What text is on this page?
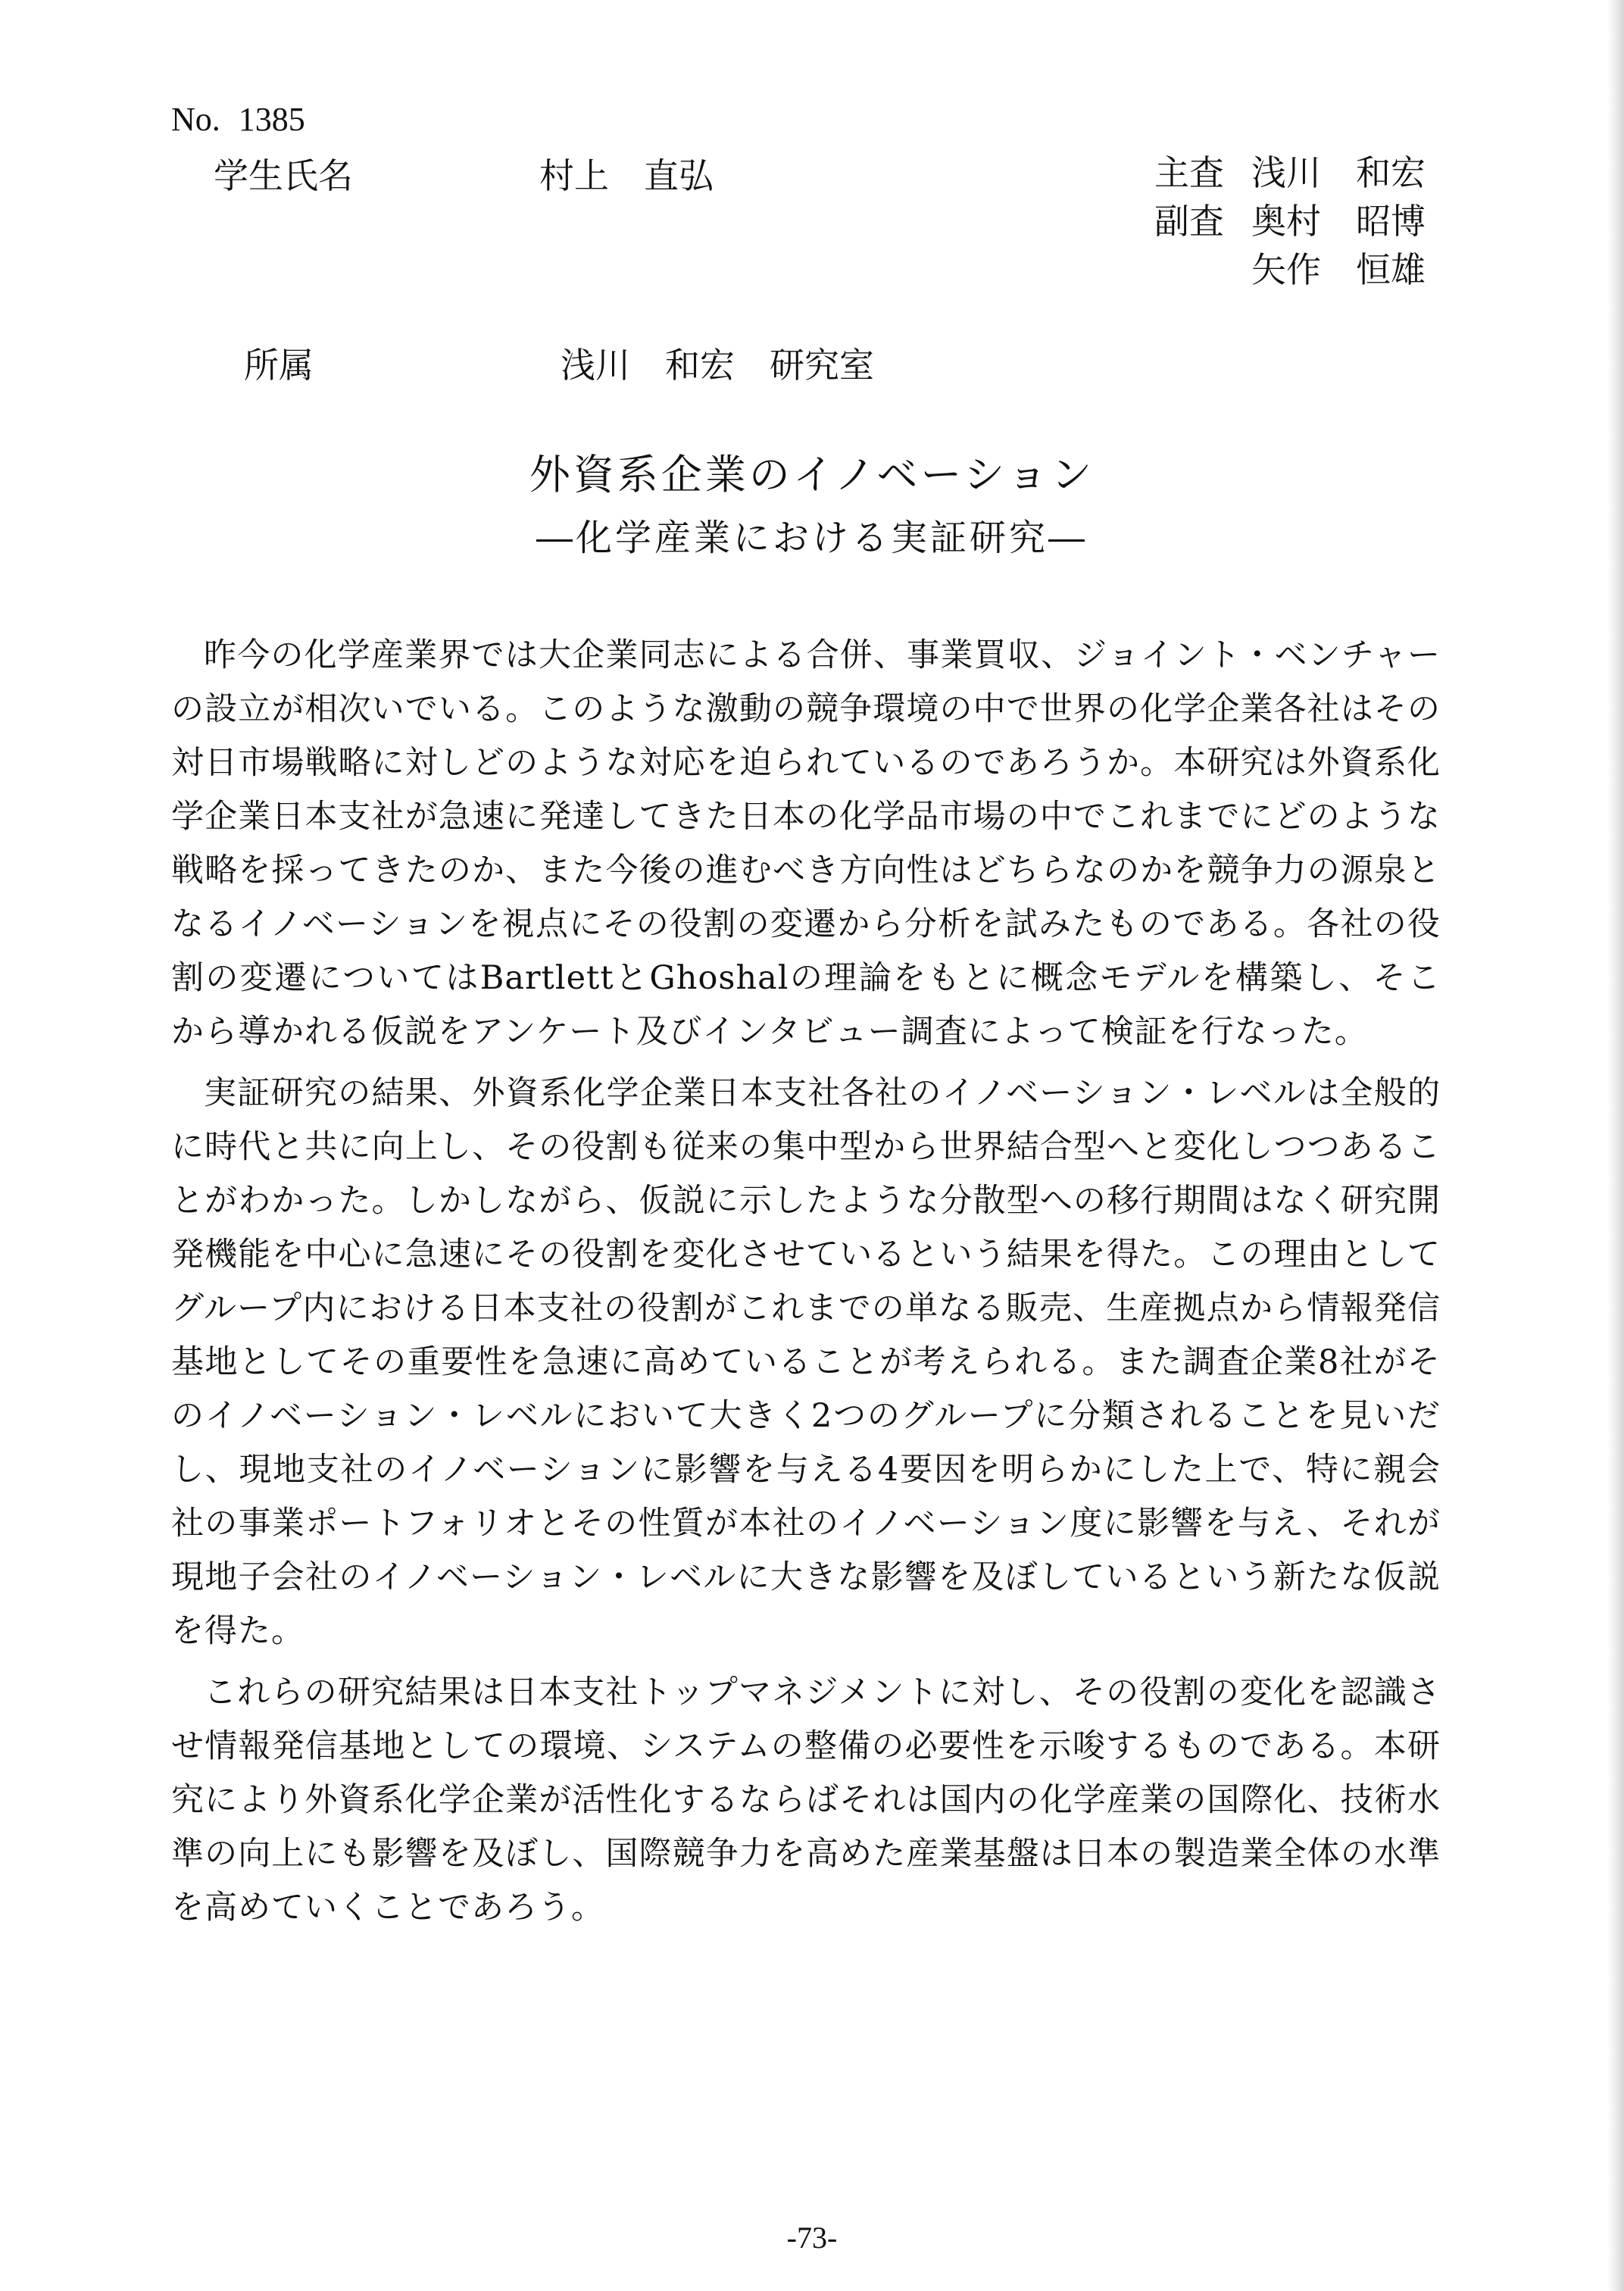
No. 1385
学生氏名	村上　直弘	主査 浅川　和宏
副査 奥村　昭博
矢作　恒雄
所属	浅川　和宏　研究室
外資系企業のイノベーション
―化学産業における実証研究―

昨今の化学産業界では大企業同志による合併、事業買収、ジョイント・ベンチャーの設立が相次いでいる。このような激動の競争環境の中で世界の化学企業各社はその対日市場戦略に対しどのような対応を迫られているのであろうか。本研究は外資系化学企業日本支社が急速に発達してきた日本の化学品市場の中でこれまでにどのような戦略を採ってきたのか、また今後の進むべき方向性はどちらなのかを競争力の源泉となるイノベーションを視点にその役割の変遷から分析を試みたものである。各社の役割の変遷についてはBartlettとGhoshalの理論をもとに概念モデルを構築し、そこから導かれる仮説をアンケート及びインタビュー調査によって検証を行なった。

実証研究の結果、外資系化学企業日本支社各社のイノベーション・レベルは全般的に時代と共に向上し、その役割も従来の集中型から世界結合型へと変化しつつあることがわかった。しかしながら、仮説に示したような分散型への移行期間はなく研究開発機能を中心に急速にその役割を変化させているという結果を得た。この理由としてグループ内における日本支社の役割がこれまでの単なる販売、生産拠点から情報発信基地としてその重要性を急速に高めていることが考えられる。また調査企業8社がそのイノベーション・レベルにおいて大きく2つのグループに分類されることを見いだし、現地支社のイノベーションに影響を与える4要因を明らかにした上で、特に親会社の事業ポートフォリオとその性質が本社のイノベーション度に影響を与え、それが現地子会社のイノベーション・レベルに大きな影響を及ぼしているという新たな仮説を得た。

これらの研究結果は日本支社トップマネジメントに対し、その役割の変化を認識させ情報発信基地としての環境、システムの整備の必要性を示唆するものである。本研究により外資系化学企業が活性化するならばそれは国内の化学産業の国際化、技術水準の向上にも影響を及ぼし、国際競争力を高めた産業基盤は日本の製造業全体の水準を高めていくことであろう。

-73-
